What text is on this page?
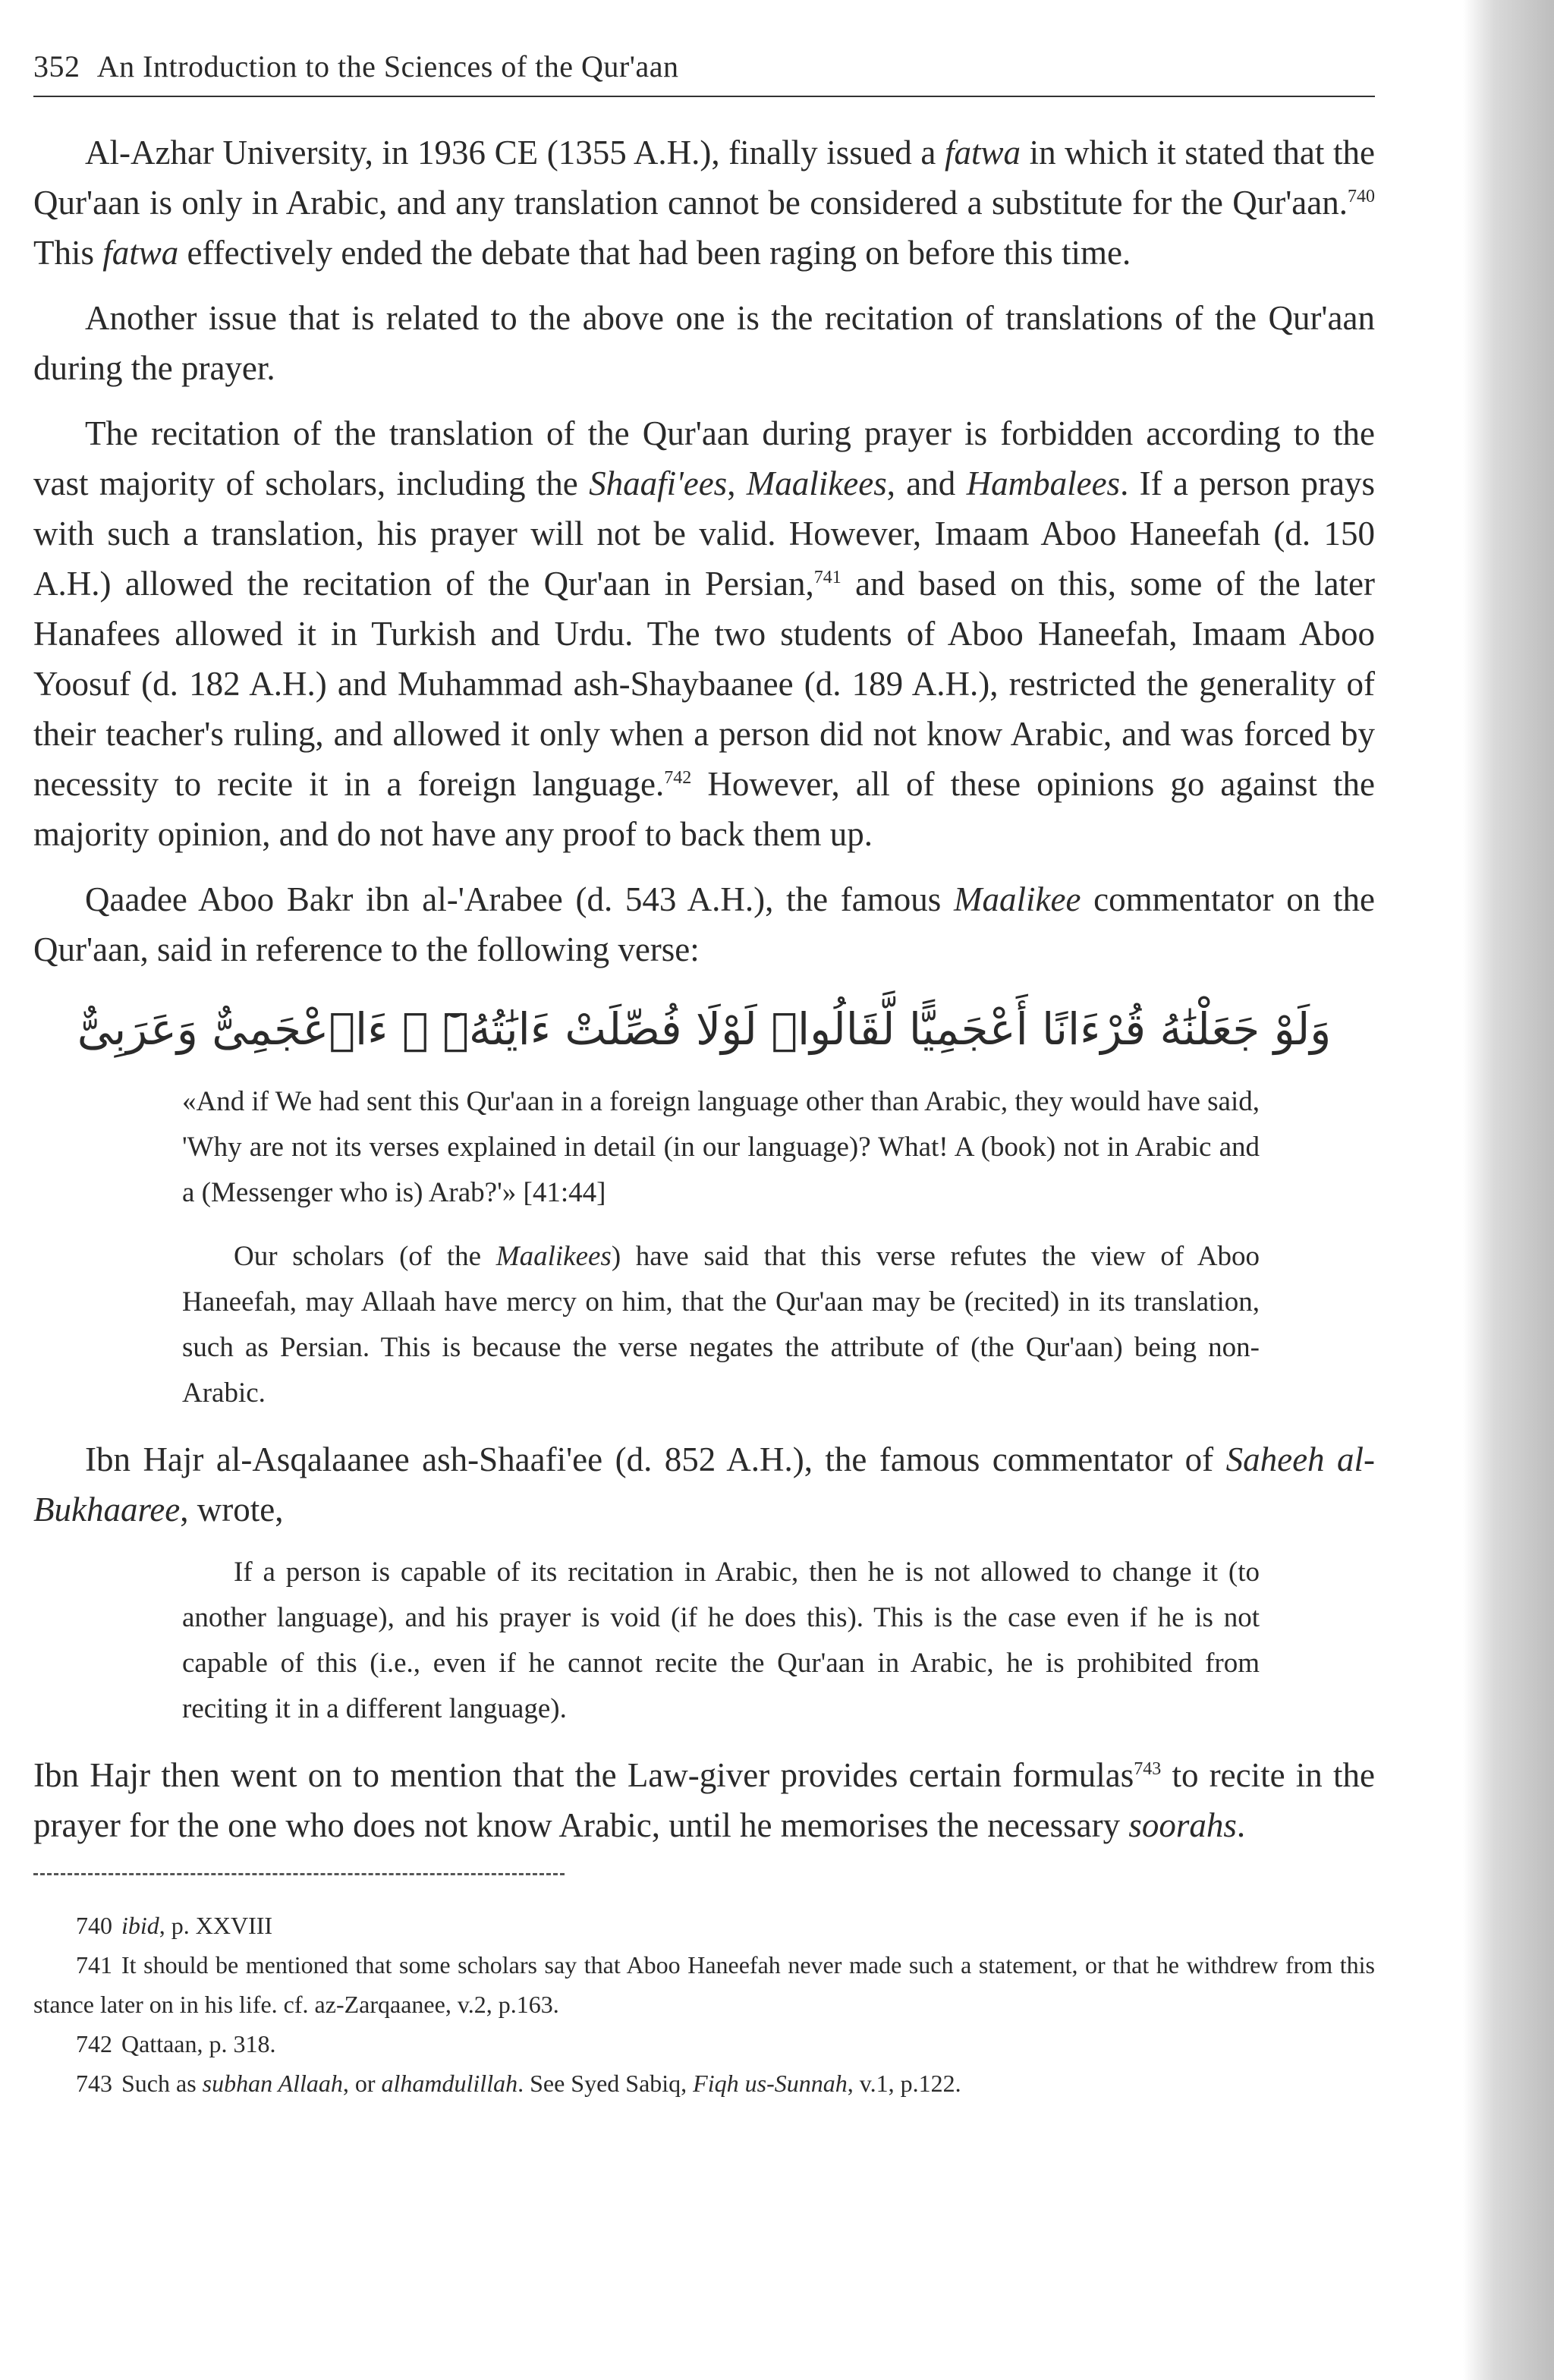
352 An Introduction to the Sciences of the Qur'aan

Al-Azhar University, in 1936 CE (1355 A.H.), finally issued a fatwa in which it stated that the Qur'aan is only in Arabic, and any translation cannot be considered a substitute for the Qur'aan.$^{740}$ This fatwa effectively ended the debate that had been raging on before this time.

Another issue that is related to the above one is the recitation of translations of the Qur'aan during the prayer.

The recitation of the translation of the Qur'aan during prayer is forbidden according to the vast majority of scholars, including the Shaafi'ees, Maalikees, and Hambalees. If a person prays with such a translation, his prayer will not be valid. However, Imaam Aboo Haneefah (d. 150 A.H.) allowed the recitation of the Qur'aan in Persian,$^{741}$ and based on this, some of the later Hanafees allowed it in Turkish and Urdu. The two students of Aboo Haneefah, Imaam Aboo Yoosuf (d. 182 A.H.) and Muhammad ash-Shaybaanee (d. 189 A.H.), restricted the generality of their teacher's ruling, and allowed it only when a person did not know Arabic, and was forced by necessity to recite it in a foreign language.$^{742}$ However, all of these opinions go against the majority opinion, and do not have any proof to back them up.

Qaadee Aboo Bakr ibn al-'Arabee (d. 543 A.H.), the famous Maalikee commentator on the Qur'aan, said in reference to the following verse:

وَلَوْ جَعَلْنَٰهُ قُرْءَانًا أَعْجَمِيًّا لَّقَالُوا۟ لَوْلَا فُصِّلَتْ ءَايَٰتُهُۥٓ ۖ ءَا۬عْجَمِىٌّ وَعَرَبِىٌّ

«And if We had sent this Qur'aan in a foreign language other than Arabic, they would have said, 'Why are not its verses explained in detail (in our language)? What! A (book) not in Arabic and a (Messenger who is) Arab?'» [41:44]

Our scholars (of the Maalikees) have said that this verse refutes the view of Aboo Haneefah, may Allaah have mercy on him, that the Qur'aan may be (recited) in its translation, such as Persian. This is because the verse negates the attribute of (the Qur'aan) being non-Arabic.

Ibn Hajr al-Asqalaanee ash-Shaafi'ee (d. 852 A.H.), the famous commentator of Saheeh al-Bukhaaree, wrote,

If a person is capable of its recitation in Arabic, then he is not allowed to change it (to another language), and his prayer is void (if he does this). This is the case even if he is not capable of this (i.e., even if he cannot recite the Qur'aan in Arabic, he is prohibited from reciting it in a different language).

Ibn Hajr then went on to mention that the Law-giver provides certain formulas$^{743}$ to recite in the prayer for the one who does not know Arabic, until he memorises the necessary soorahs.

740 ibid, p. XXVIII

741 It should be mentioned that some scholars say that Aboo Haneefah never made such a statement, or that he withdrew from this stance later on in his life. cf. az-Zarqaanee, v.2, p.163.

742 Qattaan, p. 318.

743 Such as subhan Allaah, or alhamdulillah. See Syed Sabiq, Fiqh us-Sunnah, v.1, p.122.
